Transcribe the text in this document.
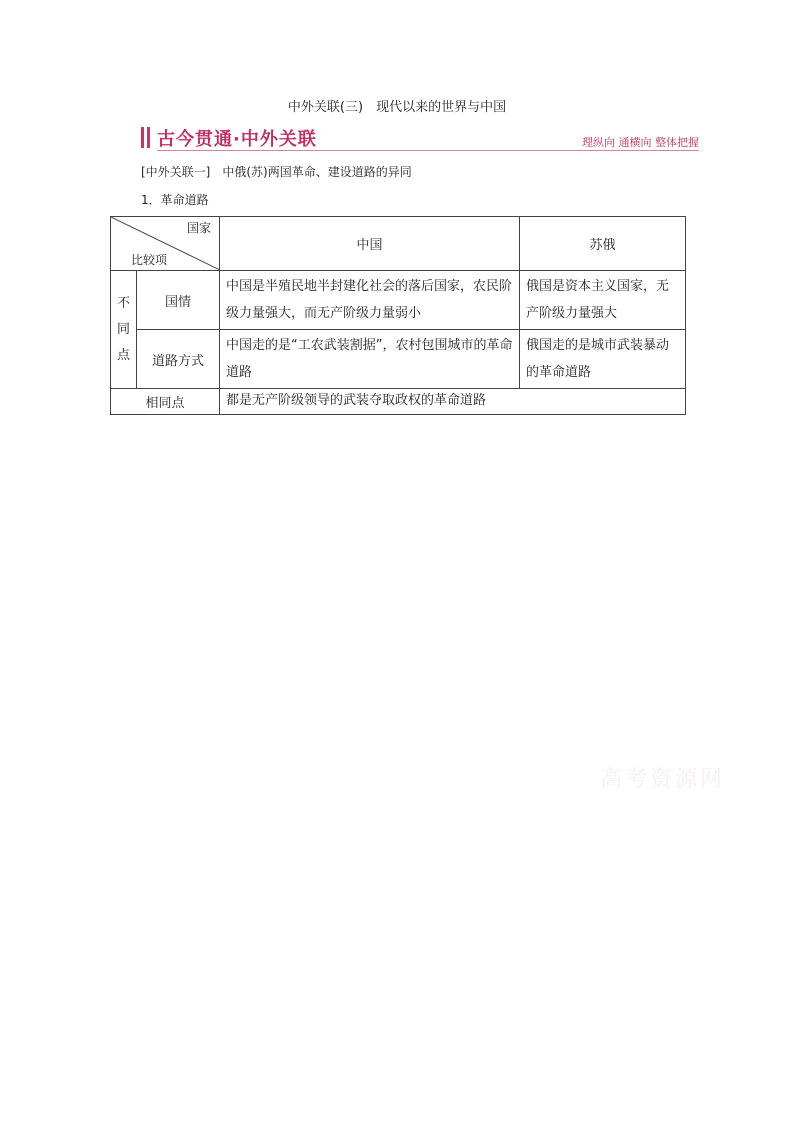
中外关联(三)　现代以来的世界与中国
古今贯通·中外关联	理纵向 通横向 整体把握
[中外关联一]　中俄(苏)两国革命、建设道路的异同
1．革命道路
国家
比较项		中国	苏俄

不
同
点	国情	中国是半殖民地半封建化社会的落后国家，农民阶级力量强大，而无产阶级力量弱小	俄国是资本主义国家，无产阶级力量强大
	道路方式	中国走的是“工农武装割据”，农村包围城市的革命道路	俄国走的是城市武装暴动的革命道路
相同点		都是无产阶级领导的武装夺取政权的革命道路	
高考资源网
